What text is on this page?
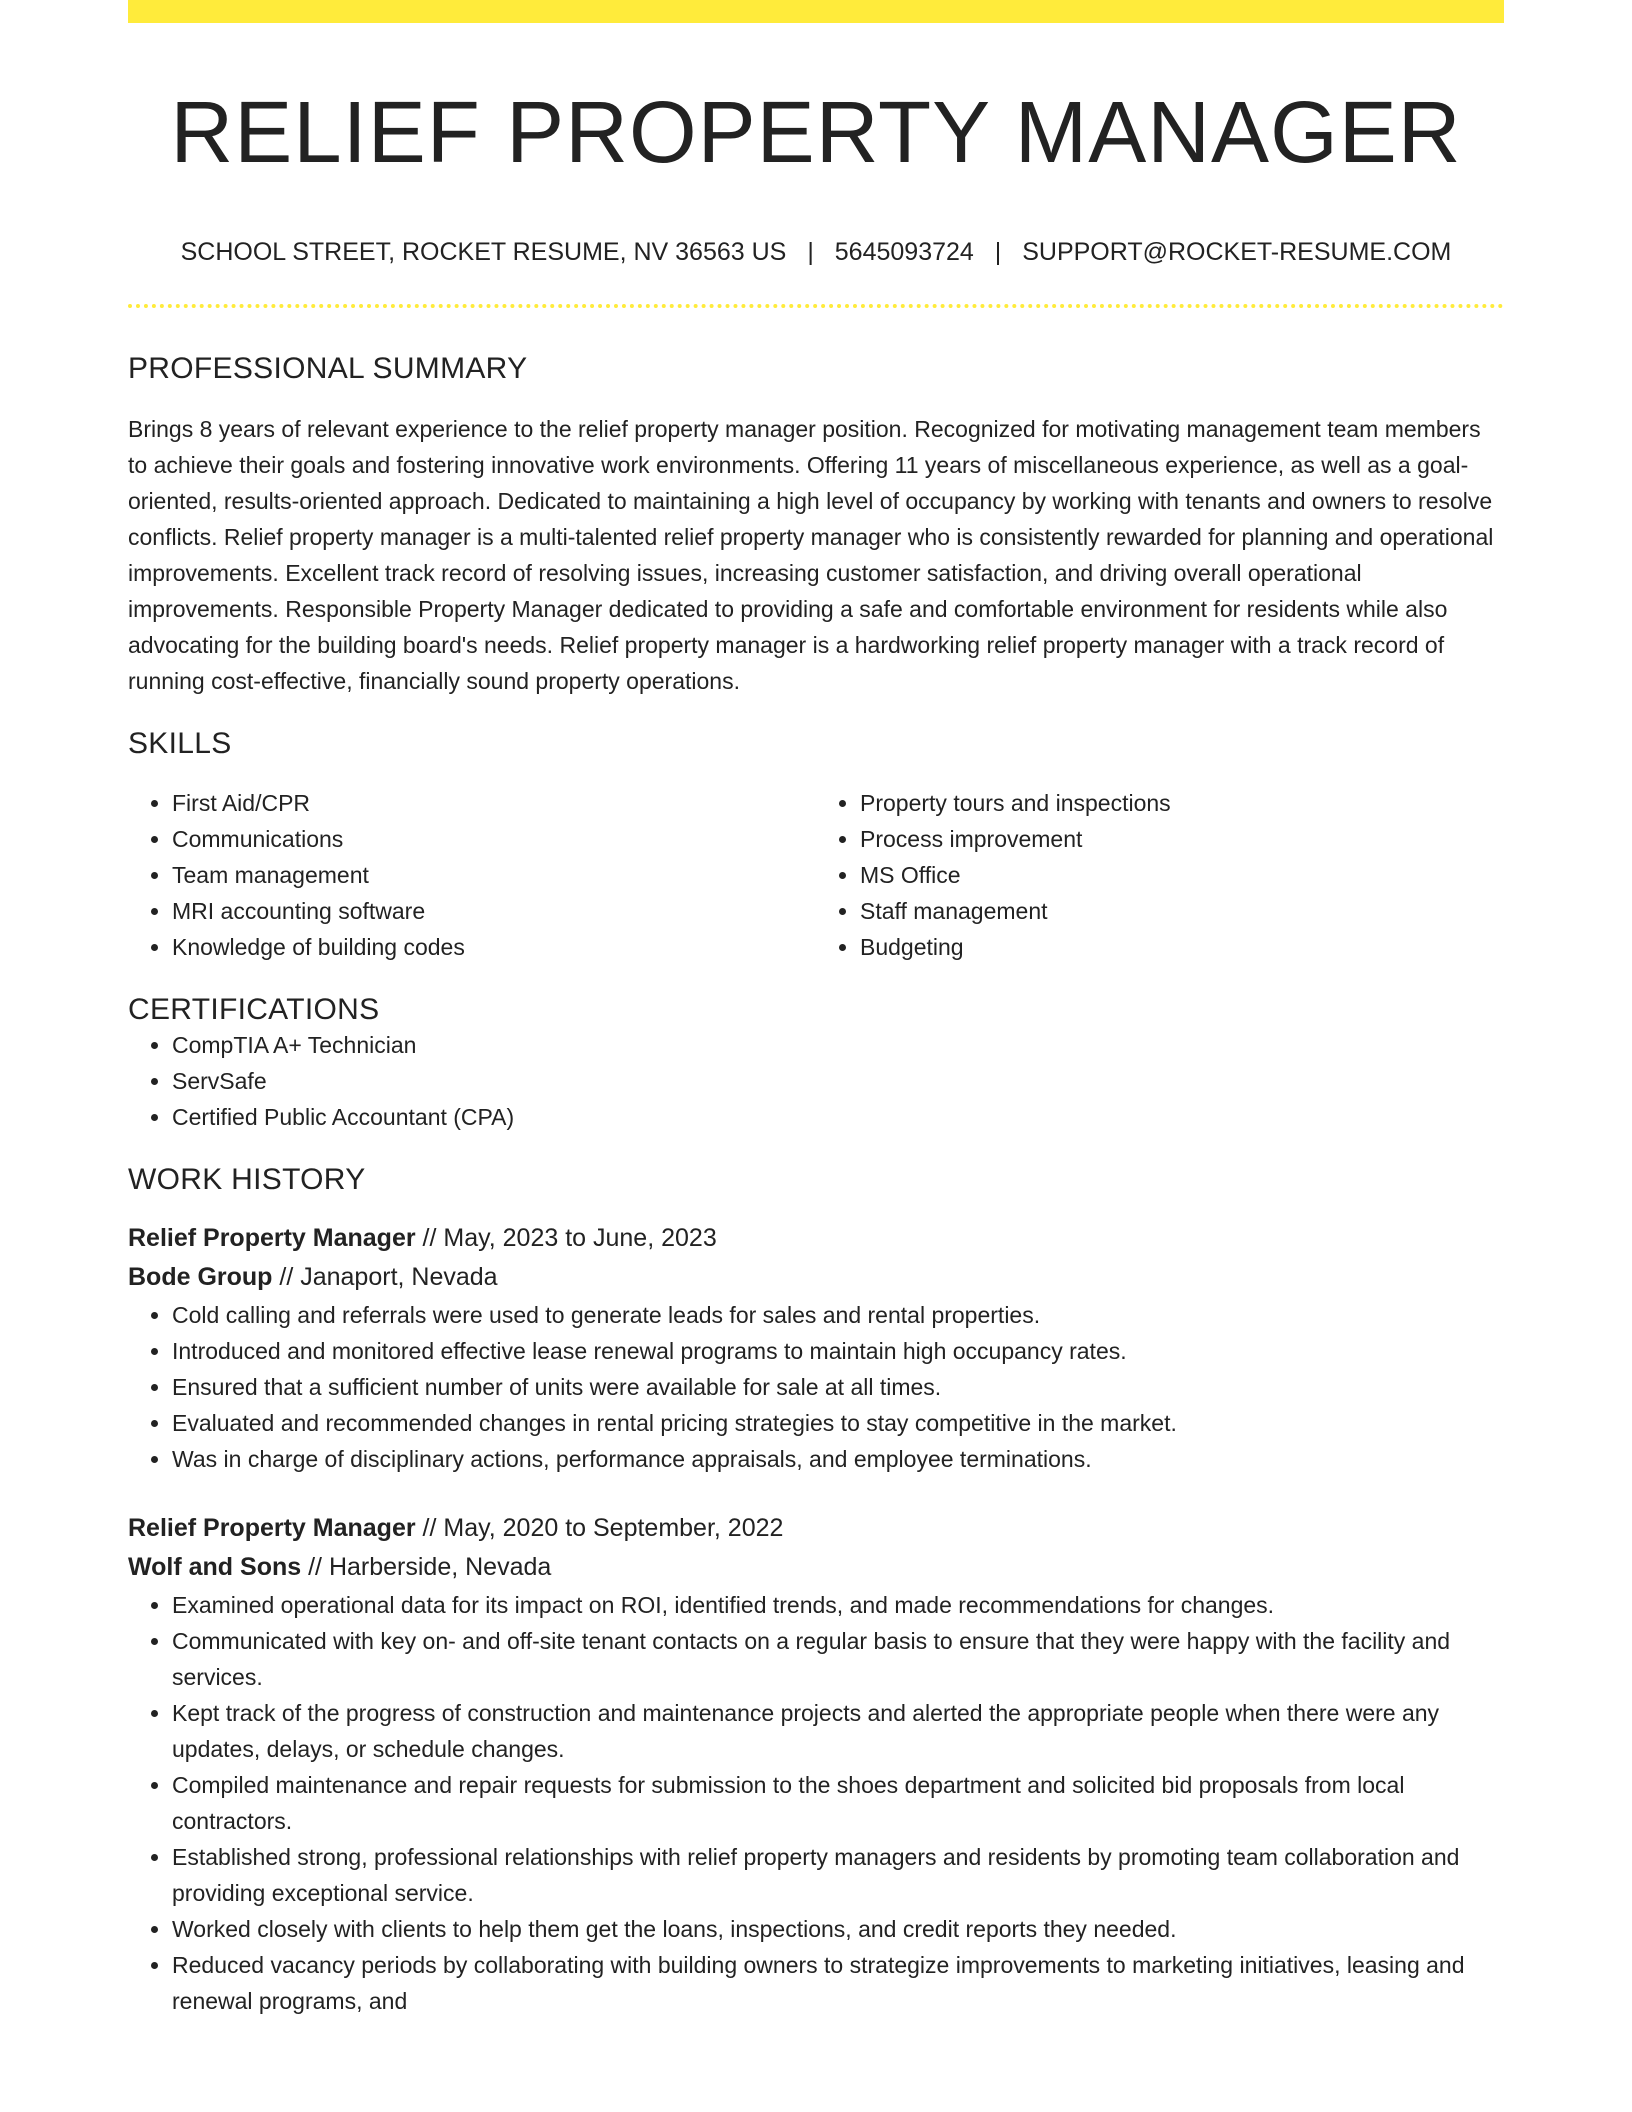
RELIEF PROPERTY MANAGER
SCHOOL STREET, ROCKET RESUME, NV 36563 US | 5645093724 | SUPPORT@ROCKET-RESUME.COM
PROFESSIONAL SUMMARY

Brings 8 years of relevant experience to the relief property manager position. Recognized for motivating management team members to achieve their goals and fostering innovative work environments. Offering 11 years of miscellaneous experience, as well as a goal-oriented, results-oriented approach. Dedicated to maintaining a high level of occupancy by working with tenants and owners to resolve conflicts. Relief property manager is a multi-talented relief property manager who is consistently rewarded for planning and operational improvements. Excellent track record of resolving issues, increasing customer satisfaction, and driving overall operational improvements. Responsible Property Manager dedicated to providing a safe and comfortable environment for residents while also advocating for the building board's needs. Relief property manager is a hardworking relief property manager with a track record of running cost-effective, financially sound property operations.

SKILLS
• First Aid/CPR
• Communications
• Team management
• MRI accounting software
• Knowledge of building codes
• Property tours and inspections
• Process improvement
• MS Office
• Staff management
• Budgeting
CERTIFICATIONS
• CompTIA A+ Technician
• ServSafe
• Certified Public Accountant (CPA)
WORK HISTORY
Relief Property Manager // May, 2023 to June, 2023
Bode Group // Janaport, Nevada
• Cold calling and referrals were used to generate leads for sales and rental properties.
• Introduced and monitored effective lease renewal programs to maintain high occupancy rates.
• Ensured that a sufficient number of units were available for sale at all times.
• Evaluated and recommended changes in rental pricing strategies to stay competitive in the market.
• Was in charge of disciplinary actions, performance appraisals, and employee terminations.
Relief Property Manager // May, 2020 to September, 2022
Wolf and Sons // Harberside, Nevada
• Examined operational data for its impact on ROI, identified trends, and made recommendations for changes.
• Communicated with key on- and off-site tenant contacts on a regular basis to ensure that they were happy with the facility and services.
• Kept track of the progress of construction and maintenance projects and alerted the appropriate people when there were any updates, delays, or schedule changes.
• Compiled maintenance and repair requests for submission to the shoes department and solicited bid proposals from local contractors.
• Established strong, professional relationships with relief property managers and residents by promoting team collaboration and providing exceptional service.
• Worked closely with clients to help them get the loans, inspections, and credit reports they needed.
• Reduced vacancy periods by collaborating with building owners to strategize improvements to marketing initiatives, leasing and renewal programs, and
